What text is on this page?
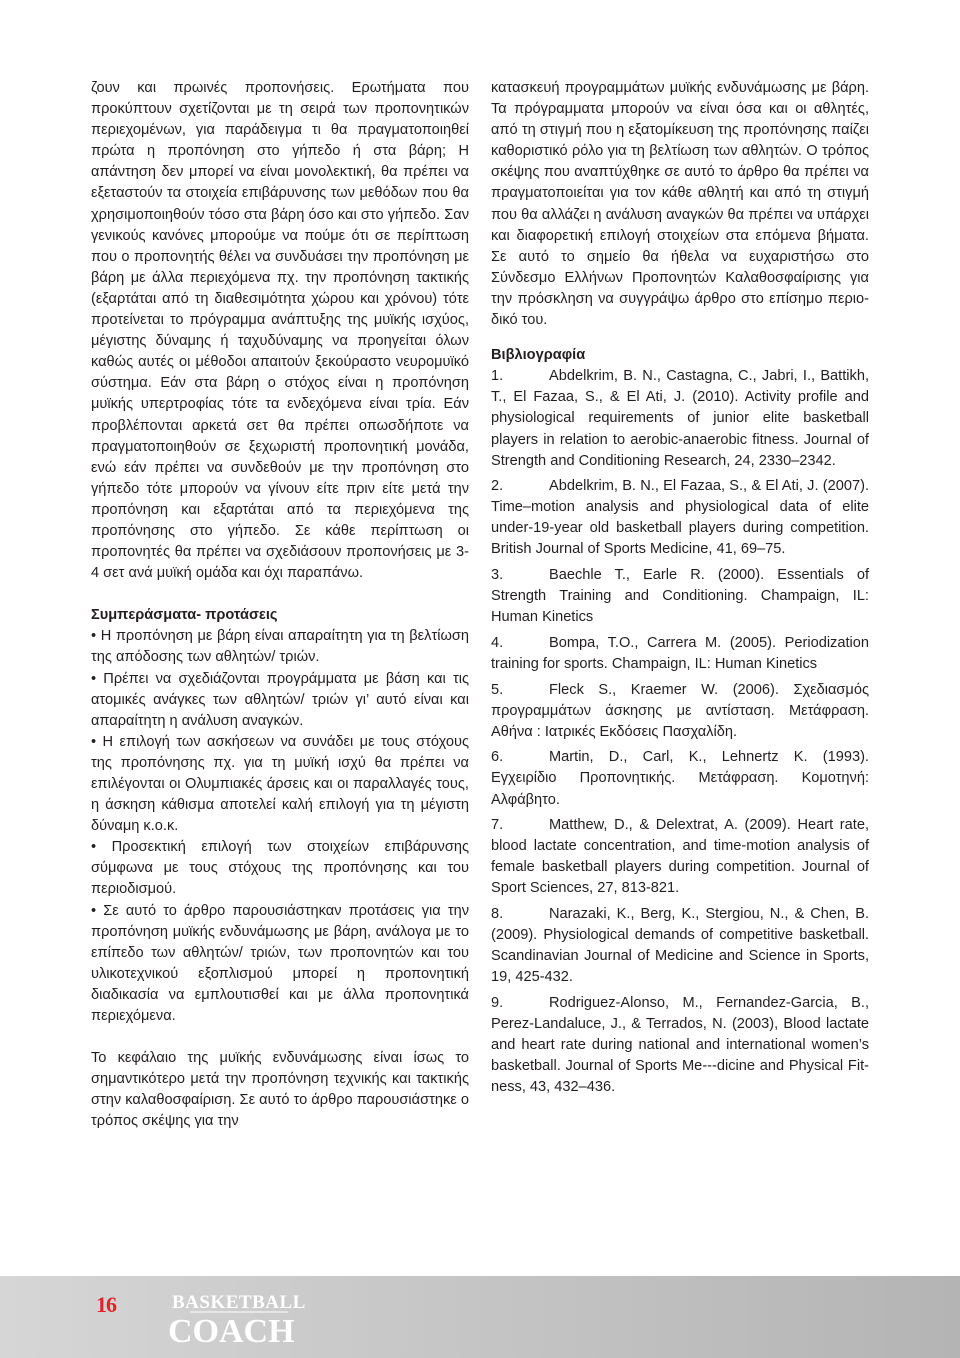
ζουν και πρωινές προπονήσεις. Ερωτήματα που προκύπτουν σχετίζονται με τη σειρά των προπονητικών περιεχομένων, για παράδειγμα τι θα πραγματοποιηθεί πρώτα η προπόνηση στο γήπεδο ή στα βάρη; Η απάντηση δεν μπορεί να είναι μονολεκτική, θα πρέπει να εξεταστούν τα στοιχεία επιβάρυνσης των μεθόδων που θα χρησιμοποιηθούν τόσο στα βάρη όσο και στο γήπεδο. Σαν γενικούς κανόνες μπορούμε να πούμε ότι σε περίπτωση που ο προπονητής θέλει να συνδυάσει την προπόνηση με βάρη με άλλα περιεχόμενα πχ. την προπόνηση τακτικής (εξαρτάται από τη διαθεσιμότητα χώρου και χρόνου) τότε προτείνεται το πρόγραμμα ανάπτυξης της μυϊκής ισχύος, μέγιστης δύναμης ή ταχυδύναμης να προηγείται όλων καθώς αυτές οι μέθοδοι απαιτούν ξεκούραστο νευρομυϊκό σύστημα. Εάν στα βάρη ο στόχος είναι η προπόνηση μυϊκής υπερτροφίας τότε τα ενδεχόμενα είναι τρία. Εάν προβλέπονται αρκετά σετ θα πρέπει οπωσδήποτε να πραγματοποιηθούν σε ξεχωριστή προπονητική μονάδα, ενώ εάν πρέπει να συνδεθούν με την προπόνηση στο γήπεδο τότε μπορούν να γίνουν είτε πριν είτε μετά την προπόνηση και εξαρτάται από τα περιεχόμενα της προπόνησης στο γήπεδο. Σε κάθε περίπτωση οι προπονητές θα πρέπει να σχεδιάσουν προπονήσεις με 3-4 σετ ανά μυϊκή ομάδα και όχι παραπάνω.

Συμπεράσματα- προτάσεις

• Η προπόνηση με βάρη είναι απαραίτητη για τη βελτίωση της απόδοσης των αθλητών/ τριών.

• Πρέπει να σχεδιάζονται προγράμματα με βάση και τις ατομικές ανάγκες των αθλητών/ τριών γι’ αυτό είναι και απαραίτητη η ανάλυση αναγκών.

• Η επιλογή των ασκήσεων να συνάδει με τους στόχους της προπόνησης πχ. για τη μυϊκή ισχύ θα πρέπει να επιλέγονται οι Ολυμπιακές άρσεις και οι παραλλαγές τους, η άσκηση κάθισμα αποτελεί καλή επιλογή για τη μέγιστη δύναμη κ.ο.κ.

• Προσεκτική επιλογή των στοιχείων επιβάρυνσης σύμφωνα με τους στόχους της προπόνησης και του περιοδισμού.

• Σε αυτό το άρθρο παρουσιάστηκαν προτάσεις για την προπόνηση μυϊκής ενδυνάμωσης με βάρη, ανάλογα με το επίπεδο των αθλητών/ τριών, των προπονητών και του υλικοτεχνικού εξοπλισμού μπορεί η προπονητική διαδικασία να εμπλουτισθεί και με άλλα προπονητικά περιεχόμενα.

Το κεφάλαιο της μυϊκής ενδυνάμωσης είναι ίσως το σημαντικότερο μετά την προπόνηση τεχνικής και τακτικής στην καλαθοσφαίριση. Σε αυτό το άρθρο παρουσιάστηκε ο τρόπος σκέψης για την

κατασκευή προγραμμάτων μυϊκής ενδυνάμωσης με βάρη. Τα πρόγραμματα μπορούν να είναι όσα και οι αθλητές, από τη στιγμή που η εξατομίκευση της προπόνησης παίζει καθοριστικό ρόλο για τη βελτίωση των αθλητών. Ο τρόπος σκέψης που αναπτύχθηκε σε αυτό το άρθρο θα πρέπει να πραγματοποιείται για τον κάθε αθλητή και από τη στιγμή που θα αλλάζει η ανάλυση αναγκών θα πρέπει να υπάρχει και διαφορετική επιλογή στοιχείων στα επόμενα βήματα. Σε αυτό το σημείο θα ήθελα να ευχαριστήσω στο Σύνδεσμο Ελλήνων Προπονητών Καλαθοσφαίρισης για την πρόσκληση να συγγράψω άρθρο στο επίσημο περιοδικό του.

Βιβλιογραφία
1.	Abdelkrim, B. N., Castagna, C., Jabri, I., Battikh, T., El Fazaa, S., & El Ati, J. (2010). Activity profile and physiological requirements of junior elite basketball players in relation to aerobic-anaerobic fitness. Journal of Strength and Conditioning Research, 24, 2330–2342.
2.	Abdelkrim, B. N., El Fazaa, S., & El Ati, J. (2007). Time–motion analysis and physiological data of elite under-19-year old basketball players during competition. British Journal of Sports Medicine, 41, 69–75.
3.	Baechle T., Earle R. (2000). Essentials of Strength Training and Conditioning. Champaign, IL: Human Kinetics
4.	Bompa, T.O., Carrera M. (2005). Periodization training for sports. Champaign, IL: Human Kinetics
5.	Fleck S., Kraemer W. (2006). Σχεδιασμός προγραμμάτων άσκησης με αντίσταση. Μετάφραση. Αθήνα : Ιατρικές Εκδόσεις Πασχαλίδη.
6.	Martin, D., Carl, K., Lehnertz K. (1993). Εγχειρίδιο Προπονητικής. Μετάφραση. Κομοτηνή: Αλφάβητο.
7.	Matthew, D., & Delextrat, A. (2009). Heart rate, blood lactate concentration, and time-motion analysis of female basketball players during competition. Journal of Sport Sciences, 27, 813-821.
8.	Narazaki, K., Berg, K., Stergiou, N., & Chen, B. (2009). Physiological demands of competitive basketball. Scandinavian Journal of Medicine and Science in Sports, 19, 425-432.
9.	Rodriguez-Alonso, M., Fernandez-Garcia, B., Perez-Landaluce, J., & Terrados, N. (2003), Blood lactate and heart rate during national and international women’s basketball. Journal of Sports Me---dicine and Physical Fitness, 43, 432–436.
16	BASKETBALL
COACH
